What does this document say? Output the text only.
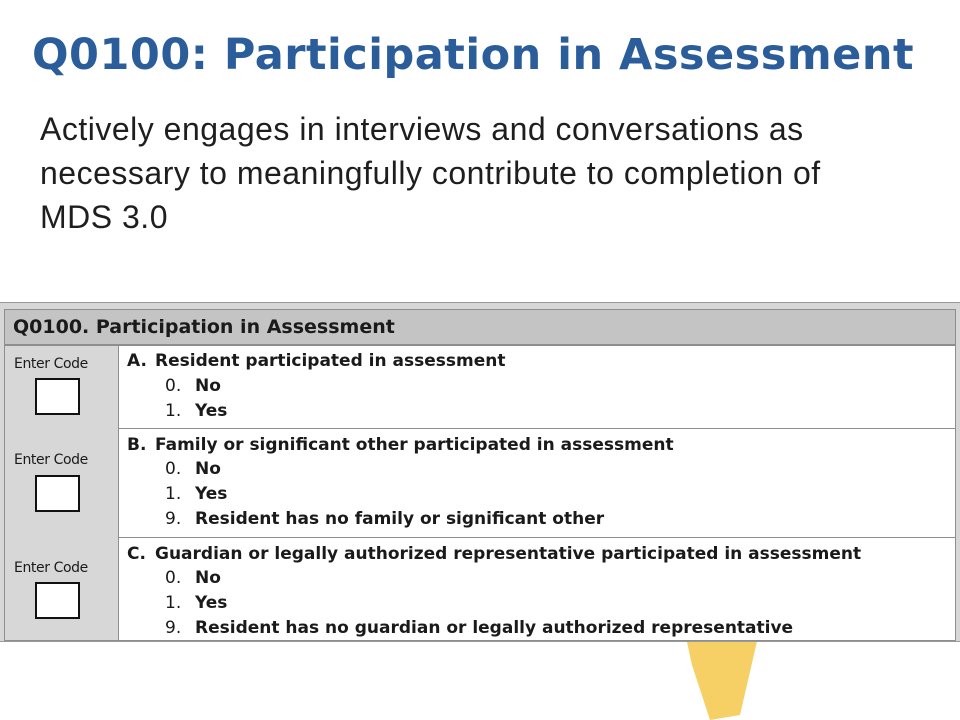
Q0100: Participation in Assessment

Actively engages in interviews and conversations as necessary to meaningfully contribute to completion of MDS 3.0

Q0100. Participation in Assessment
Enter Code
Enter Code
Enter Code
A. Resident participated in assessment
0. No
1. Yes
B. Family or significant other participated in assessment
0. No
1. Yes
9. Resident has no family or significant other
C. Guardian or legally authorized representative participated in assessment
0. No
1. Yes
9. Resident has no guardian or legally authorized representative
